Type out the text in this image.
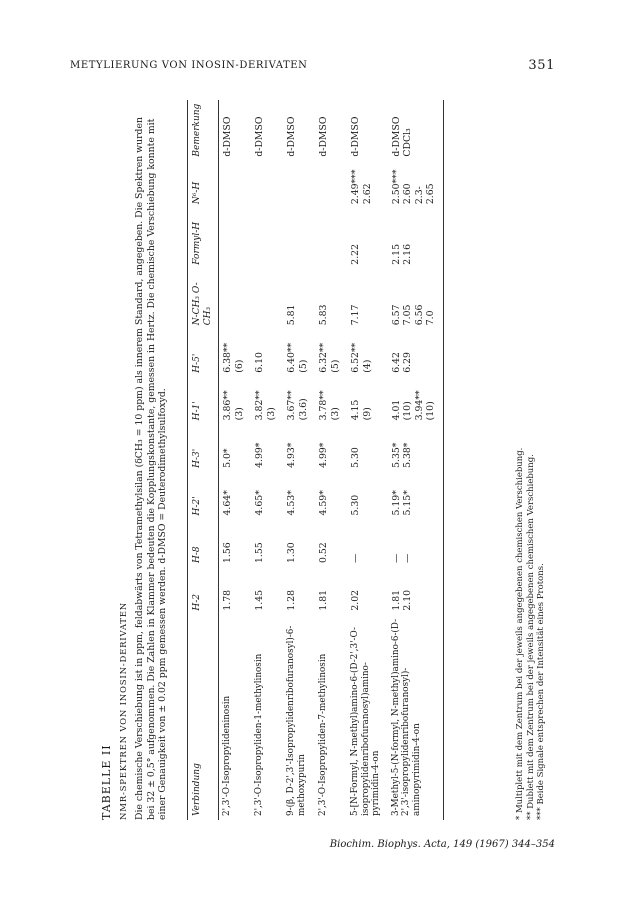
METYLIERUNG VON INOSIN-DERIVATEN	351
TABELLE II NMR-SPEKTREN VON INOSIN-DERIVATEN Die chemische Verschiebung ist in ppm, feldabwärts von Tetramethylsilan (δCH₃ = 10 ppm) als innerem Standard, angegeben. Die Spektren wurden bei 32 ± 0,5° aufgenommen. Die Zahlen in Klammer bedeuten die Kopplungskonstante, gemessen in Hertz. Die chemische Verschiebung konnte mit einer Genauigkeit von ± 0.02 ppm gemessen werden. d-DMSO = Deuterodimethylsulfoxyd.	Verbindung	H-2	H-8	H-2'	H-3'	H-1'	H-5'	N-CH₃ O-CH₃	Formyl-H	N⁶-H	Bemerkung
2',3'-O-Isopropylideninosin	1.78	1.56	4.64*	5.0*	3.86** (3)	6.38** (6)				d-DMSO
2',3'-O-Isopropyliden-1-methylinosin	1.45	1.55	4.65*	4.99*	3.82** (3)	6.10				d-DMSO
9-(β, D-2',3'-Isopropylidenribofuranosyl)-6-methoxypurin	1.28	1.30	4.53*	4.93*	3.67** (3.6)	6.40** (5)	5.81			d-DMSO
2',3'-O-Isopropyliden-7-methylinosin	1.81	0.52	4.59*	4.99*	3.78** (3)	6.32** (5)	5.83			d-DMSO
5-[N-Formyl, N-methyl)amino-6-(D-2',3'-O-isopropylidenribofuranosyl)amino-pyrimidin-4-on	2.02	—	5.30	5.30	4.15 (9)	6.52** (4)	7.17	2.22	2.49*** 2.62	d-DMSO
3-Methyl-5-(N-formyl, N-methyl)amino-6-(D-2',3'-isopropylidenribofuranosyl)-aminopyrimidin-4-on	1.81 2.10	— —	5.19* 5.15*	5.35* 5.38*	4.01 (10) 3.94** (10)	6.42 6.29	6.57 7.05 6.56 7.0	2.15 2.16	2.50*** 2.60 2.3- 2.65	d-DMSO CDCl₃
* Multiplett mit dem Zentrum bei der jeweils angegebenen chemischen Verschiebung. ** Dublett mit dem Zentrum bei der jeweils angegebenen chemischen Verschiebung. *** Beide Signale entsprechen der Intensität eines Protons.
Biochim. Biophys. Acta, 149 (1967) 344–354
